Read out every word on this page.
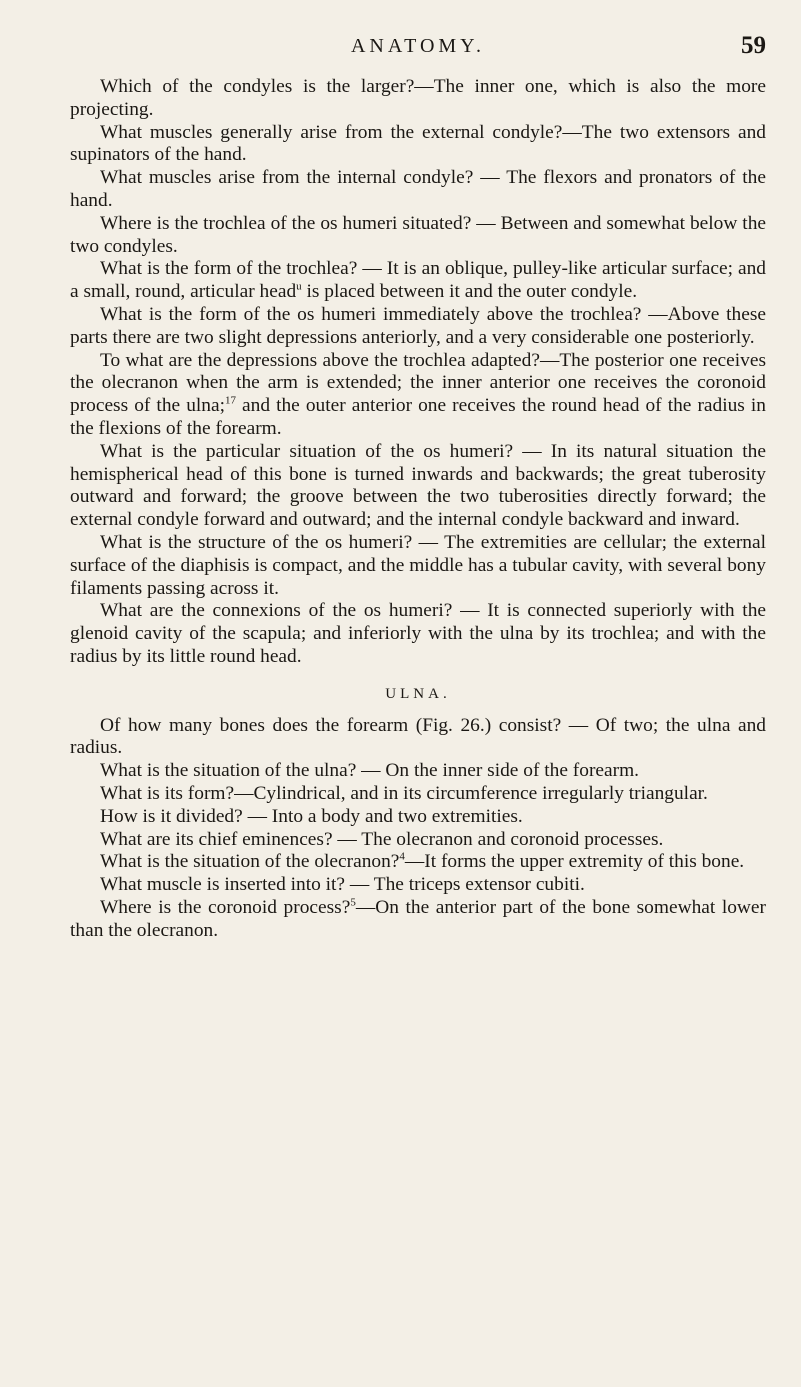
ANATOMY.	59

Which of the condyles is the larger?—The inner one, which is also the more projecting.

What muscles generally arise from the external condyle?—The two extensors and supinators of the hand.

What muscles arise from the internal condyle? — The flexors and pronators of the hand.

Where is the trochlea of the os humeri situated? — Between and somewhat below the two condyles.

What is the form of the trochlea? — It is an oblique, pulley-like articular surface; and a small, round, articular head$^u$ is placed between it and the outer condyle.

What is the form of the os humeri immediately above the trochlea? —Above these parts there are two slight depressions anteriorly, and a very considerable one posteriorly.

To what are the depressions above the trochlea adapted?—The posterior one receives the olecranon when the arm is extended; the inner anterior one receives the coronoid process of the ulna;$^{17}$ and the outer anterior one receives the round head of the radius in the flexions of the forearm.

What is the particular situation of the os humeri? — In its natural situation the hemispherical head of this bone is turned inwards and backwards; the great tuberosity outward and forward; the groove between the two tuberosities directly forward; the external condyle forward and outward; and the internal condyle backward and inward.

What is the structure of the os humeri? — The extremities are cellular; the external surface of the diaphisis is compact, and the middle has a tubular cavity, with several bony filaments passing across it.

What are the connexions of the os humeri? — It is connected superiorly with the glenoid cavity of the scapula; and inferiorly with the ulna by its trochlea; and with the radius by its little round head.

ULNA.

Of how many bones does the forearm (Fig. 26.) consist? — Of two; the ulna and radius.

What is the situation of the ulna? — On the inner side of the forearm.

What is its form?—Cylindrical, and in its circumference irregularly triangular.

How is it divided? — Into a body and two extremities.

What are its chief eminences? — The olecranon and coronoid processes.

What is the situation of the olecranon?$^4$—It forms the upper extremity of this bone.

What muscle is inserted into it? — The triceps extensor cubiti.

Where is the coronoid process?$^5$—On the anterior part of the bone somewhat lower than the olecranon.
